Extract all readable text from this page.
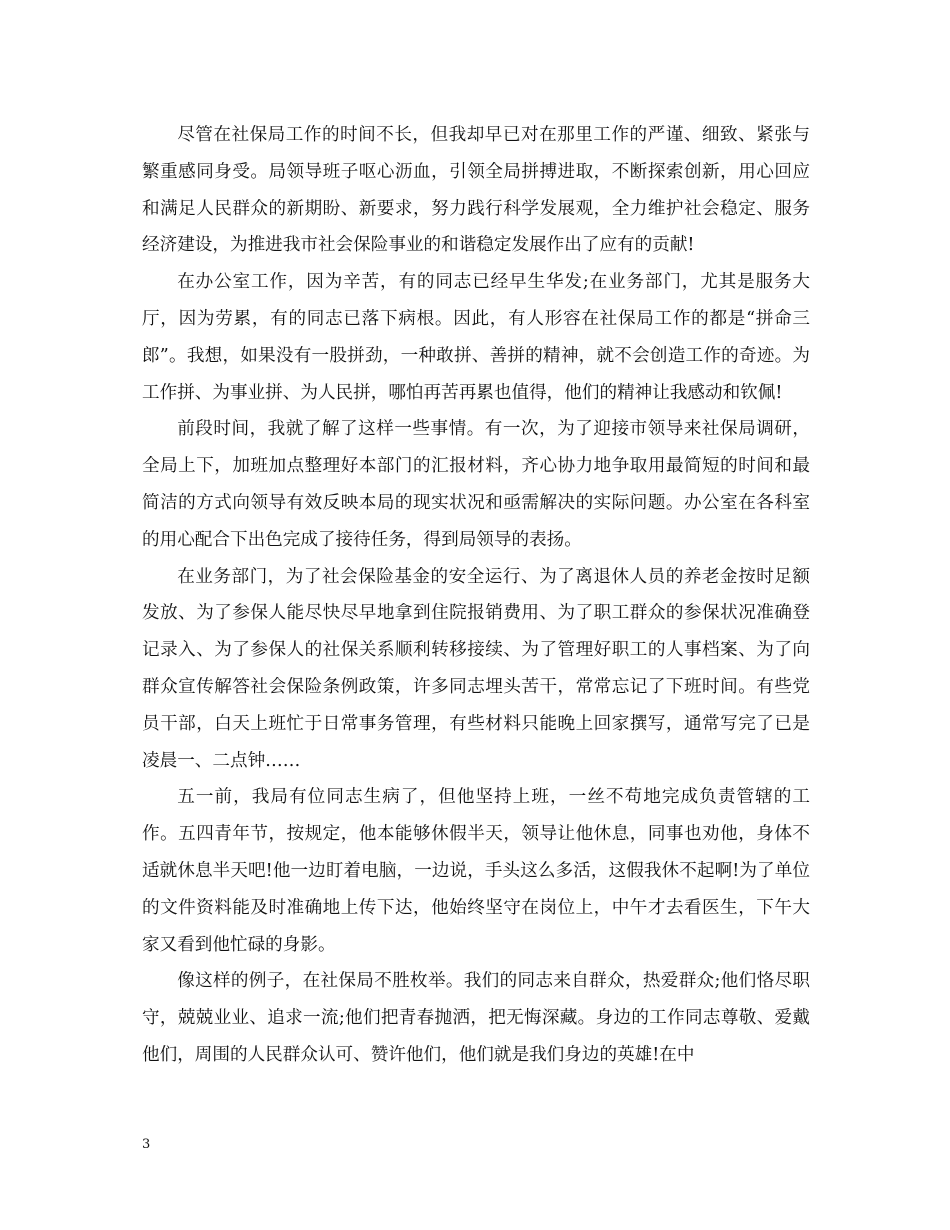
尽管在社保局工作的时间不长，但我却早已对在那里工作的严谨、细致、紧张与繁重感同身受。局领导班子呕心沥血，引领全局拼搏进取，不断探索创新，用心回应和满足人民群众的新期盼、新要求，努力践行科学发展观，全力维护社会稳定、服务经济建设，为推进我市社会保险事业的和谐稳定发展作出了应有的贡献!

在办公室工作，因为辛苦，有的同志已经早生华发;在业务部门，尤其是服务大厅，因为劳累，有的同志已落下病根。因此，有人形容在社保局工作的都是“拼命三郎”。我想，如果没有一股拼劲，一种敢拼、善拼的精神，就不会创造工作的奇迹。为工作拼、为事业拼、为人民拼，哪怕再苦再累也值得，他们的精神让我感动和钦佩!

前段时间，我就了解了这样一些事情。有一次，为了迎接市领导来社保局调研，全局上下，加班加点整理好本部门的汇报材料，齐心协力地争取用最简短的时间和最简洁的方式向领导有效反映本局的现实状况和亟需解决的实际问题。办公室在各科室的用心配合下出色完成了接待任务，得到局领导的表扬。

在业务部门，为了社会保险基金的安全运行、为了离退休人员的养老金按时足额发放、为了参保人能尽快尽早地拿到住院报销费用、为了职工群众的参保状况准确登记录入、为了参保人的社保关系顺利转移接续、为了管理好职工的人事档案、为了向群众宣传解答社会保险条例政策，许多同志埋头苦干，常常忘记了下班时间。有些党员干部，白天上班忙于日常事务管理，有些材料只能晚上回家撰写，通常写完了已是凌晨一、二点钟……

五一前，我局有位同志生病了，但他坚持上班，一丝不苟地完成负责管辖的工作。五四青年节，按规定，他本能够休假半天，领导让他休息，同事也劝他，身体不适就休息半天吧!他一边盯着电脑，一边说，手头这么多活，这假我休不起啊!为了单位的文件资料能及时准确地上传下达，他始终坚守在岗位上，中午才去看医生，下午大家又看到他忙碌的身影。

像这样的例子，在社保局不胜枚举。我们的同志来自群众，热爱群众;他们恪尽职守，兢兢业业、追求一流;他们把青春抛洒，把无悔深藏。身边的工作同志尊敬、爱戴他们，周围的人民群众认可、赞许他们，他们就是我们身边的英雄!在中

3
